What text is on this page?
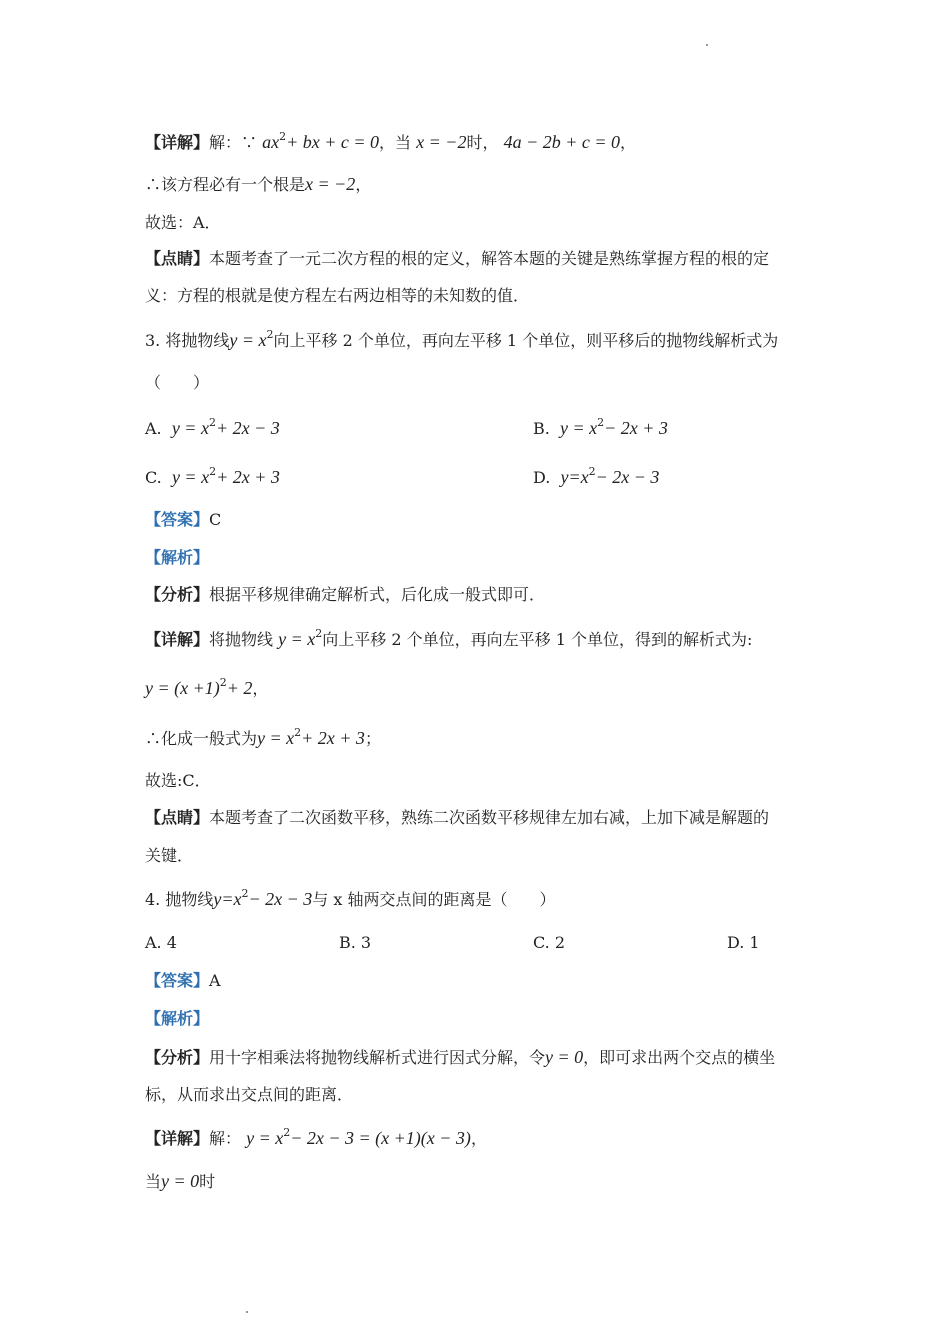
【详解】解：∵ $ax^2+$ bx + c = 0，当 x = −2时， 4a − 2b + c = 0，
∴该方程必有一个根是x = −2，
故选：A．
【点睛】本题考查了一元二次方程的根的定义，解答本题的关键是熟练掌握方程的根的定
义：方程的根就是使方程左右两边相等的未知数的值．
3. 将抛物线$y = x^2$向上平移 2 个单位，再向左平移 1 个单位，则平移后的抛物线解析式为
（　　）
A. $y = x^2+ 2x - 3$	B. $y = x^2- 2x + 3$
C. $y = x^2+ 2x + 3$	D. $y=x^2- 2x - 3$
【答案】C
【解析】
【分析】根据平移规律确定解析式，后化成一般式即可．
【详解】将抛物线 $y = x^2$向上平移 2 个单位，再向左平移 1 个单位，得到的解析式为:
$y = (x +1)^2+ 2$，
∴化成一般式为$y = x^2+ 2x + 3$；
故选:C．
【点睛】本题考查了二次函数平移，熟练二次函数平移规律左加右减，上加下减是解题的
关键．
4. 抛物线$y=x^2- 2x - 3$与 x 轴两交点间的距离是（　　）
A. 4	B. 3	C. 2	D. 1
【答案】A
【解析】
【分析】用十字相乘法将抛物线解析式进行因式分解，令y = 0，即可求出两个交点的横坐
标，从而求出交点间的距离．
【详解】解： $y = x^2- 2x - 3 = (x +1)(x - 3)$，
当y = 0时
